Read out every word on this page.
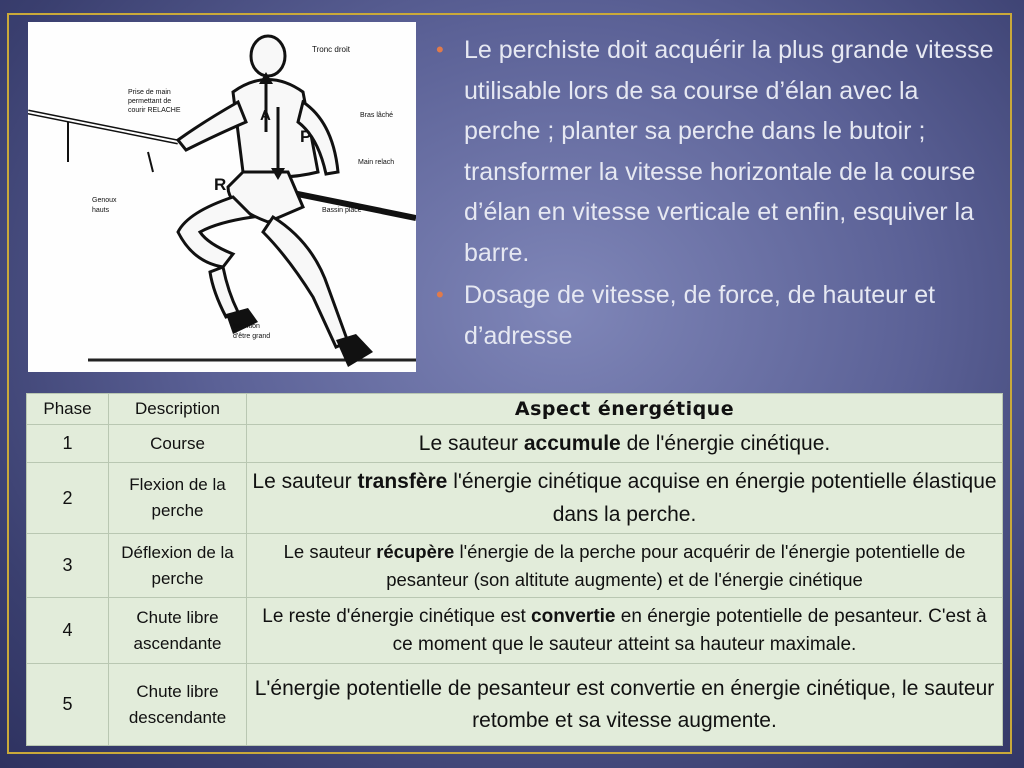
A
P
R
Tronc droit
Prise de main
permettant de
courir RELACHE
Bras lâché
Main relach
Genoux
hauts	Bassin placé
Intention
d'être grand
• Le perchiste doit acquérir la plus grande vitesse utilisable lors de sa course d’élan avec la perche ; planter sa perche dans le butoir ; transformer la vitesse horizontale de la course d’élan en vitesse verticale et enfin, esquiver la barre.
• Dosage de vitesse, de force, de hauteur et d’adresse
Phase	Description	Aspect énergétique
1	Course	Le sauteur accumule de l'énergie cinétique.
2	Flexion de la perche	Le sauteur transfère l'énergie cinétique acquise en énergie potentielle élastique dans la perche.
3	Déflexion de la perche	Le sauteur récupère l'énergie de la perche pour acquérir de l'énergie potentielle de pesanteur (son altitute augmente) et de l'énergie cinétique
4	Chute libre ascendante	Le reste d'énergie cinétique est convertie en énergie potentielle de pesanteur. C'est à ce moment que le sauteur atteint sa hauteur maximale.
5	Chute libre descendante	L'énergie potentielle de pesanteur est convertie en énergie cinétique, le sauteur retombe et sa vitesse augmente.
